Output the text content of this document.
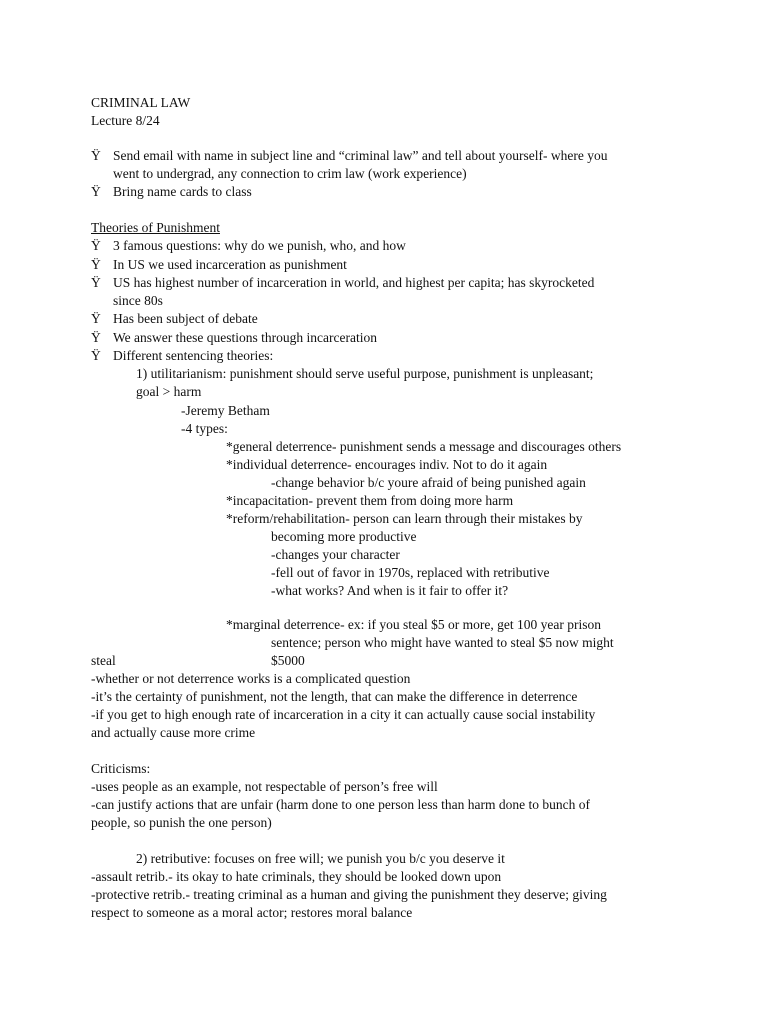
CRIMINAL LAW
Lecture 8/24
Ÿ Send email with name in subject line and “criminal law” and tell about yourself- where you
went to undergrad, any connection to crim law (work experience)
Ÿ Bring name cards to class
Theories of Punishment
Ÿ 3 famous questions: why do we punish, who, and how
Ÿ In US we used incarceration as punishment
Ÿ US has highest number of incarceration in world, and highest per capita; has skyrocketed
since 80s
Ÿ Has been subject of debate
Ÿ We answer these questions through incarceration
Ÿ Different sentencing theories:
1) utilitarianism: punishment should serve useful purpose, punishment is unpleasant;
goal > harm
-Jeremy Betham
-4 types:
*general deterrence- punishment sends a message and discourages others
*individual deterrence- encourages indiv. Not to do it again
-change behavior b/c youre afraid of being punished again
*incapacitation- prevent them from doing more harm
*reform/rehabilitation- person can learn through their mistakes by
becoming more productive
-changes your character
-fell out of favor in 1970s, replaced with retributive
-what works? And when is it fair to offer it?
*marginal deterrence- ex: if you steal $5 or more, get 100 year prison
sentence; person who might have wanted to steal $5 now might
steal	$5000
-whether or not deterrence works is a complicated question
-it’s the certainty of punishment, not the length, that can make the difference in deterrence
-if you get to high enough rate of incarceration in a city it can actually cause social instability
and actually cause more crime
Criticisms:
-uses people as an example, not respectable of person’s free will
-can justify actions that are unfair (harm done to one person less than harm done to bunch of
people, so punish the one person)
2) retributive: focuses on free will; we punish you b/c you deserve it
-assault retrib.- its okay to hate criminals, they should be looked down upon
-protective retrib.- treating criminal as a human and giving the punishment they deserve; giving
respect to someone as a moral actor; restores moral balance
